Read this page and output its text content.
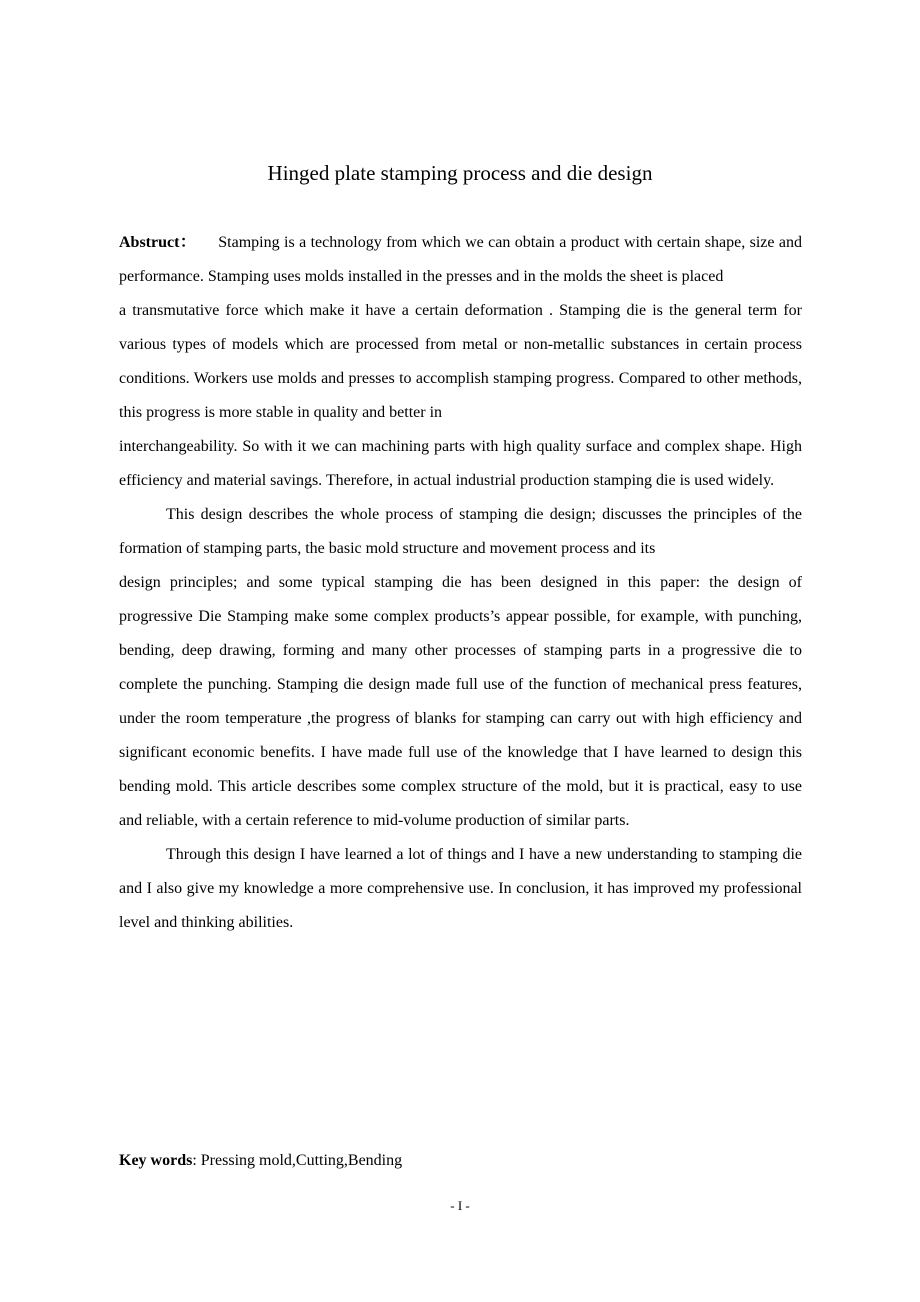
Hinged plate stamping process and die design

Abstruct： Stamping is a technology from which we can obtain a product with certain shape, size and performance. Stamping uses molds installed in the presses and in the molds the sheet is placed

a transmutative force which make it have a certain deformation . Stamping die is the general term for various types of models which are processed from metal or non-metallic substances in certain process conditions. Workers use molds and presses to accomplish stamping progress. Compared to other methods, this progress is more stable in quality and better in

interchangeability. So with it we can machining parts with high quality surface and complex shape. High efficiency and material savings. Therefore, in actual industrial production stamping die is used widely.

This design describes the whole process of stamping die design; discusses the principles of the formation of stamping parts, the basic mold structure and movement process and its

design principles; and some typical stamping die has been designed in this paper: the design of progressive Die Stamping make some complex products’s appear possible, for example, with punching, bending, deep drawing, forming and many other processes of stamping parts in a progressive die to complete the punching. Stamping die design made full use of the function of mechanical press features, under the room temperature ,the progress of blanks for stamping can carry out with high efficiency and significant economic benefits. I have made full use of the knowledge that I have learned to design this bending mold. This article describes some complex structure of the mold, but it is practical, easy to use and reliable, with a certain reference to mid-volume production of similar parts.

Through this design I have learned a lot of things and I have a new understanding to stamping die and I also give my knowledge a more comprehensive use. In conclusion, it has improved my professional level and thinking abilities.

Key words: Pressing mold,Cutting,Bending
- I -
